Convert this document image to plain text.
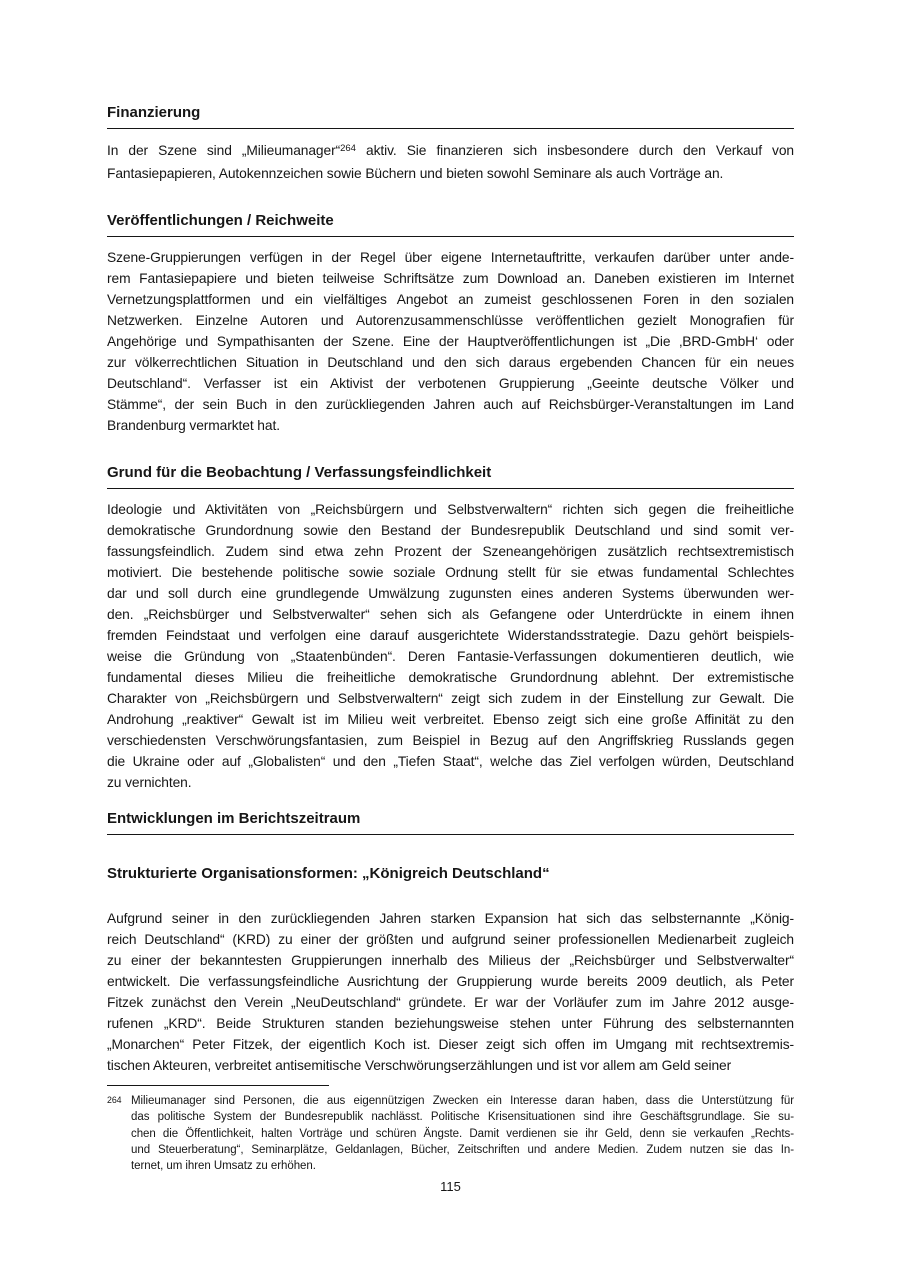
Finanzierung
In der Szene sind „Milieumanager“$^{264}$ aktiv. Sie finanzieren sich insbesondere durch den Verkauf von
Fantasiepapieren, Autokennzeichen sowie Büchern und bieten sowohl Seminare als auch Vorträge an.
Veröffentlichungen / Reichweite
Szene-Gruppierungen verfügen in der Regel über eigene Internetauftritte, verkaufen darüber unter ande-
rem Fantasiepapiere und bieten teilweise Schriftsätze zum Download an. Daneben existieren im Internet
Vernetzungsplattformen und ein vielfältiges Angebot an zumeist geschlossenen Foren in den sozialen
Netzwerken. Einzelne Autoren und Autorenzusammenschlüsse veröffentlichen gezielt Monografien für
Angehörige und Sympathisanten der Szene. Eine der Hauptveröffentlichungen ist „Die ‚BRD-GmbH‘ oder
zur völkerrechtlichen Situation in Deutschland und den sich daraus ergebenden Chancen für ein neues
Deutschland“. Verfasser ist ein Aktivist der verbotenen Gruppierung „Geeinte deutsche Völker und
Stämme“, der sein Buch in den zurückliegenden Jahren auch auf Reichsbürger-Veranstaltungen im Land
Brandenburg vermarktet hat.
Grund für die Beobachtung / Verfassungsfeindlichkeit
Ideologie und Aktivitäten von „Reichsbürgern und Selbstverwaltern“ richten sich gegen die freiheitliche
demokratische Grundordnung sowie den Bestand der Bundesrepublik Deutschland und sind somit ver-
fassungsfeindlich. Zudem sind etwa zehn Prozent der Szeneangehörigen zusätzlich rechtsextremistisch
motiviert. Die bestehende politische sowie soziale Ordnung stellt für sie etwas fundamental Schlechtes
dar und soll durch eine grundlegende Umwälzung zugunsten eines anderen Systems überwunden wer-
den. „Reichsbürger und Selbstverwalter“ sehen sich als Gefangene oder Unterdrückte in einem ihnen
fremden Feindstaat und verfolgen eine darauf ausgerichtete Widerstandsstrategie. Dazu gehört beispiels-
weise die Gründung von „Staatenbünden“. Deren Fantasie-Verfassungen dokumentieren deutlich, wie
fundamental dieses Milieu die freiheitliche demokratische Grundordnung ablehnt. Der extremistische
Charakter von „Reichsbürgern und Selbstverwaltern“ zeigt sich zudem in der Einstellung zur Gewalt. Die
Androhung „reaktiver“ Gewalt ist im Milieu weit verbreitet. Ebenso zeigt sich eine große Affinität zu den
verschiedensten Verschwörungsfantasien, zum Beispiel in Bezug auf den Angriffskrieg Russlands gegen
die Ukraine oder auf „Globalisten“ und den „Tiefen Staat“, welche das Ziel verfolgen würden, Deutschland
zu vernichten.
Entwicklungen im Berichtszeitraum
Strukturierte Organisationsformen: „Königreich Deutschland“
Aufgrund seiner in den zurückliegenden Jahren starken Expansion hat sich das selbsternannte „König-
reich Deutschland“ (KRD) zu einer der größten und aufgrund seiner professionellen Medienarbeit zugleich
zu einer der bekanntesten Gruppierungen innerhalb des Milieus der „Reichsbürger und Selbstverwalter“
entwickelt. Die verfassungsfeindliche Ausrichtung der Gruppierung wurde bereits 2009 deutlich, als Peter
Fitzek zunächst den Verein „NeuDeutschland“ gründete. Er war der Vorläufer zum im Jahre 2012 ausge-
rufenen „KRD“. Beide Strukturen standen beziehungsweise stehen unter Führung des selbsternannten
„Monarchen“ Peter Fitzek, der eigentlich Koch ist. Dieser zeigt sich offen im Umgang mit rechtsextremis-
tischen Akteuren, verbreitet antisemitische Verschwörungserzählungen und ist vor allem am Geld seiner
264 Milieumanager sind Personen, die aus eigennützigen Zwecken ein Interesse daran haben, dass die Unterstützung für
das politische System der Bundesrepublik nachlässt. Politische Krisensituationen sind ihre Geschäftsgrundlage. Sie su-
chen die Öffentlichkeit, halten Vorträge und schüren Ängste. Damit verdienen sie ihr Geld, denn sie verkaufen „Rechts-
und Steuerberatung“, Seminarplätze, Geldanlagen, Bücher, Zeitschriften und andere Medien. Zudem nutzen sie das In-
ternet, um ihren Umsatz zu erhöhen.
115
